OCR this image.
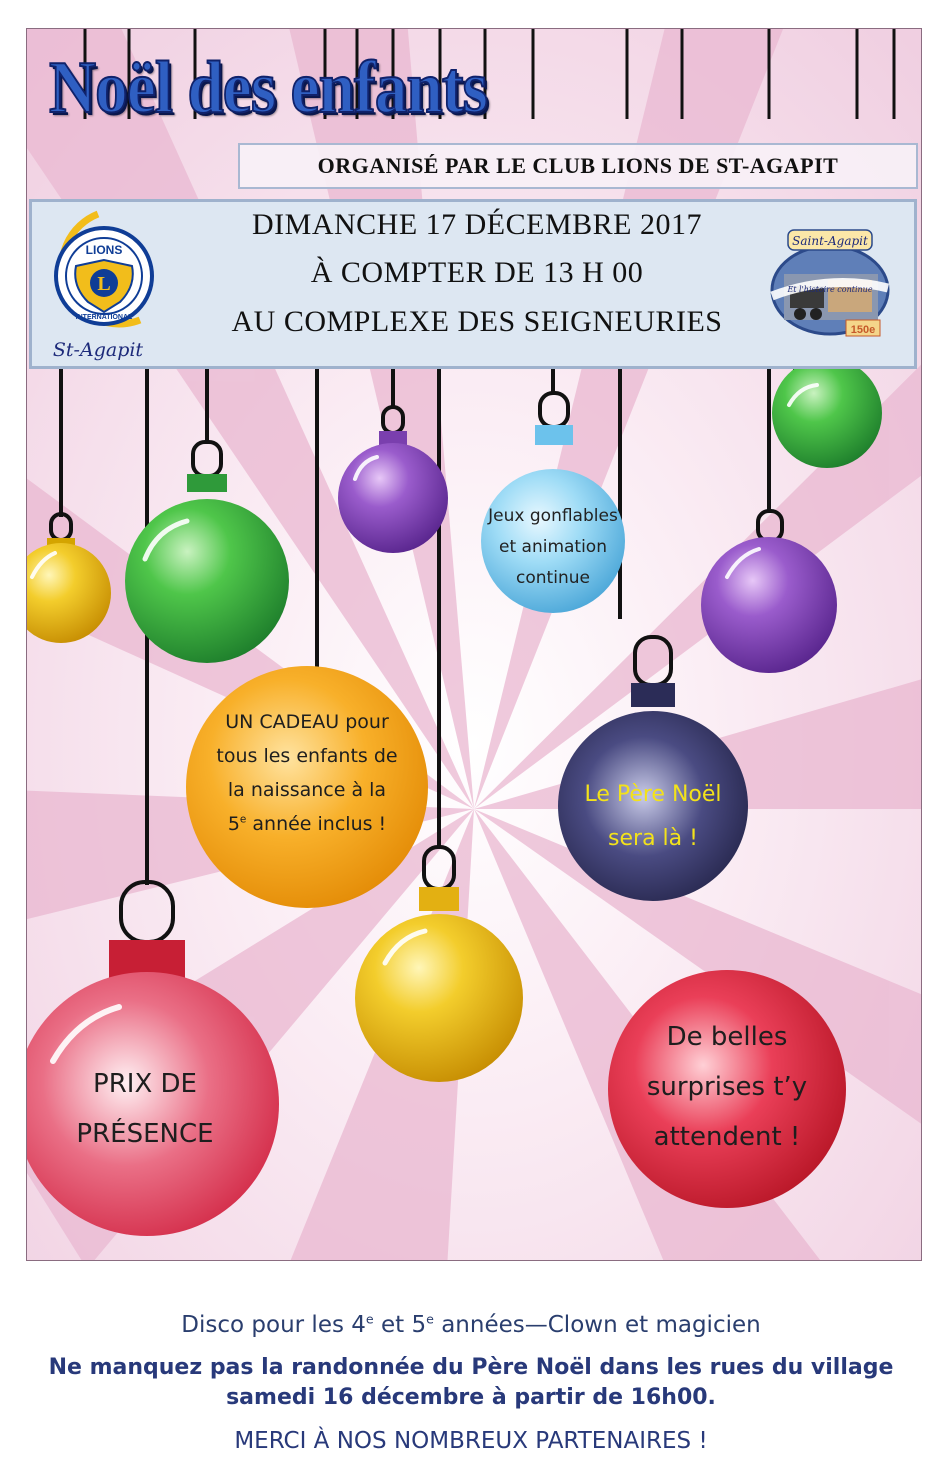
Noël des enfants
ORGANISÉ PAR LE CLUB LIONS DE ST-AGAPIT
L
LIONS
INTERNATIONAL
St-Agapit
DIMANCHE 17 DÉCEMBRE 2017
À COMPTER DE 13 H 00
AU COMPLEXE DES SEIGNEURIES
Et l'histoire continue
Saint-Agapit
150e
Jeux gonflables
et animation
continue
UN CADEAU pour
tous les enfants de
la naissance à la
5e année inclus !
Le Père Noël
sera là !
PRIX DE
PRÉSENCE
De belles
surprises t’y
attendent !
Disco pour les 4e et 5e années—Clown et magicien
Ne manquez pas la randonnée du Père Noël dans les rues du village
samedi 16 décembre à partir de 16h00.
MERCI À NOS NOMBREUX PARTENAIRES !
